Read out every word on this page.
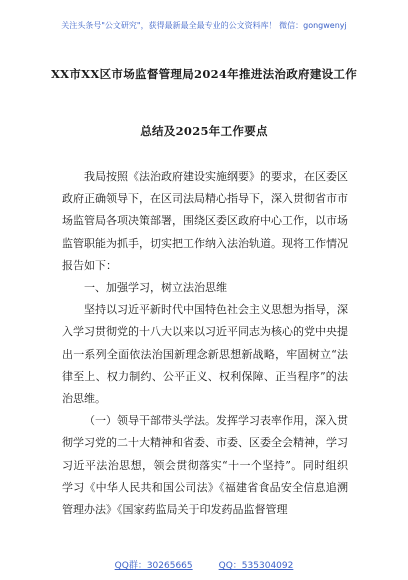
关注头条号"公文研究"，获得最新最全最专业的公文资料库！ 微信：gongwenyj
XX市XX区市场监督管理局2024年推进法治政府建设工作
总结及2025年工作要点

我局按照《法治政府建设实施纲要》的要求，在区委区政府正确领导下，在区司法局精心指导下，深入贯彻省市市场监管局各项决策部署，围绕区委区政府中心工作，以市场监管职能为抓手，切实把工作纳入法治轨道。现将工作情况报告如下：

一、加强学习，树立法治思维

坚持以习近平新时代中国特色社会主义思想为指导，深入学习贯彻党的十八大以来以习近平同志为核心的党中央提出一系列全面依法治国新理念新思想新战略，牢固树立“法律至上、权力制约、公平正义、权利保障、正当程序”的法治思维。

（一）领导干部带头学法。发挥学习表率作用，深入贯彻学习党的二十大精神和省委、市委、区委全会精神，学习习近平法治思想，领会贯彻落实“十一个坚持”。同时组织学习《中华人民共和国公司法》《福建省食品安全信息追溯管理办法》《国家药监局关于印发药品监督管理

QQ群：30265665	QQ：535304092
